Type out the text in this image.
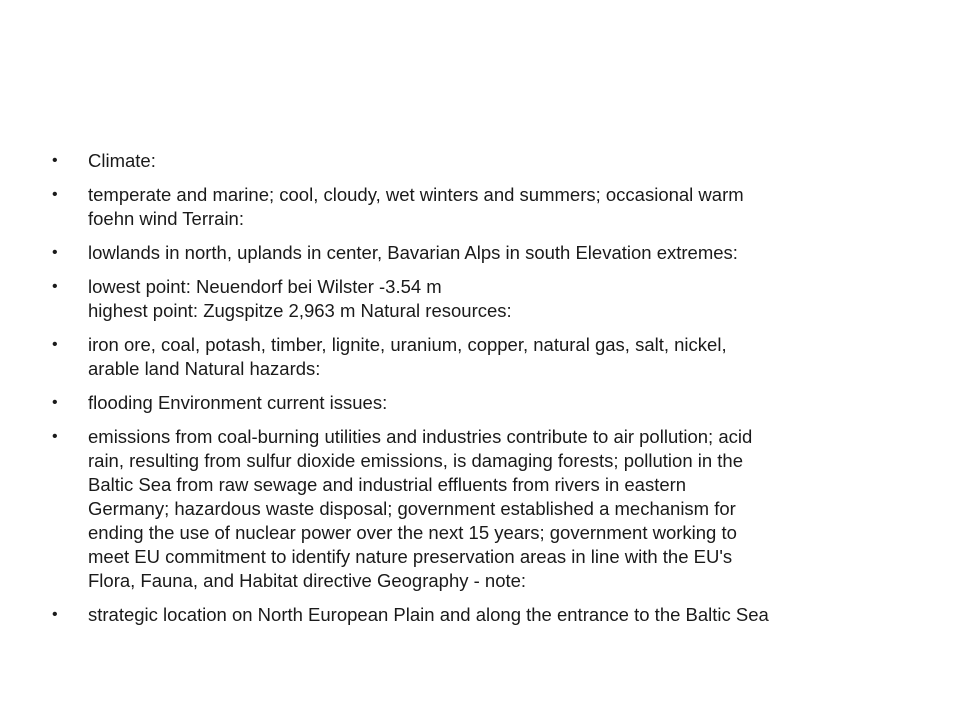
•	Climate:
•	temperate and marine; cool, cloudy, wet winters and summers; occasional warm
foehn wind Terrain:
•	lowlands in north, uplands in center, Bavarian Alps in south Elevation extremes:
•	lowest point: Neuendorf bei Wilster -3.54 m
highest point: Zugspitze 2,963 m Natural resources:
•	iron ore, coal, potash, timber, lignite, uranium, copper, natural gas, salt, nickel,
arable land Natural hazards:
•	flooding Environment current issues:
•	emissions from coal-burning utilities and industries contribute to air pollution; acid
rain, resulting from sulfur dioxide emissions, is damaging forests; pollution in the
Baltic Sea from raw sewage and industrial effluents from rivers in eastern
Germany; hazardous waste disposal; government established a mechanism for
ending the use of nuclear power over the next 15 years; government working to
meet EU commitment to identify nature preservation areas in line with the EU's
Flora, Fauna, and Habitat directive Geography - note:
•	strategic location on North European Plain and along the entrance to the Baltic Sea
